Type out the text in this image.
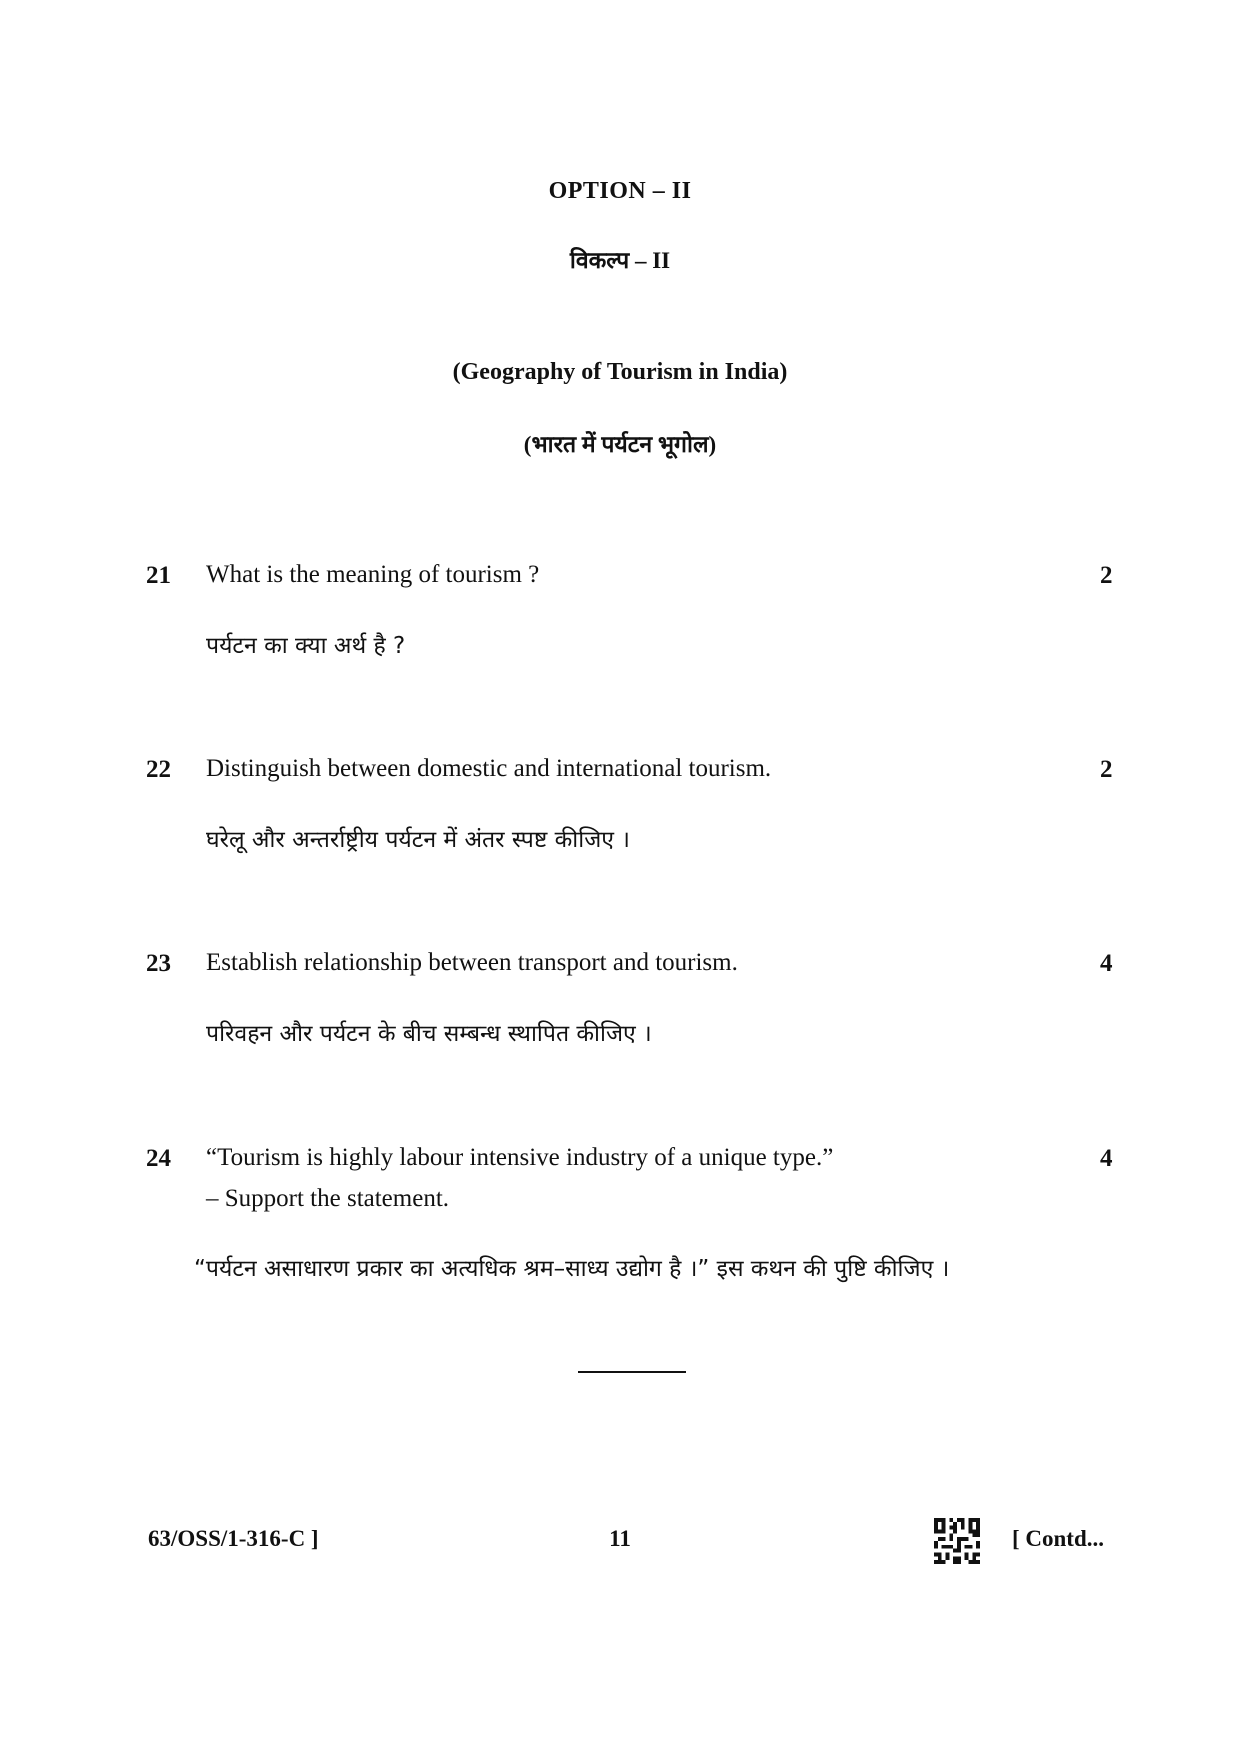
OPTION – II
विकल्प – II
(Geography of Tourism in India)
(भारत में पर्यटन भूगोल)
21 What is the meaning of tourism ?
पर्यटन का क्या अर्थ है ?
2
22 Distinguish between domestic and international tourism.
घरेलू और अन्तर्राष्ट्रीय पर्यटन में अंतर स्पष्ट कीजिए ।
2
23 Establish relationship between transport and tourism.
परिवहन और पर्यटन के बीच सम्बन्ध स्थापित कीजिए ।
4
24 “Tourism is highly labour intensive industry of a unique type.”
– Support the statement.
“पर्यटन असाधारण प्रकार का अत्यधिक श्रम–साध्य उद्योग है ।” इस कथन की पुष्टि कीजिए ।
4
63/OSS/1-316-C ]	11	[ Contd...
